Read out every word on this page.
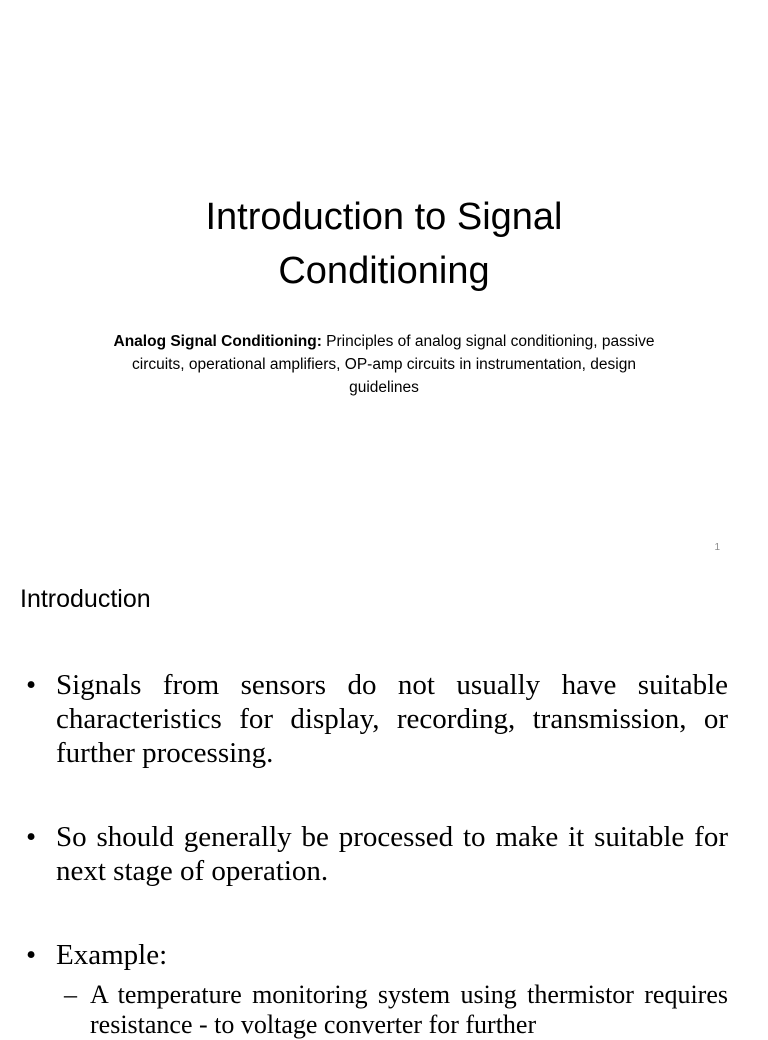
Introduction to Signal
Conditioning

Analog Signal Conditioning: Principles of analog signal conditioning, passive circuits, operational amplifiers, OP-amp circuits in instrumentation, design guidelines

1
Introduction
• Signals from sensors do not usually have suitable characteristics for display, recording, transmission, or further processing.
• So should generally be processed to make it suitable for next stage of operation.
• Example:
– A temperature monitoring system using thermistor requires resistance - to voltage converter for further
